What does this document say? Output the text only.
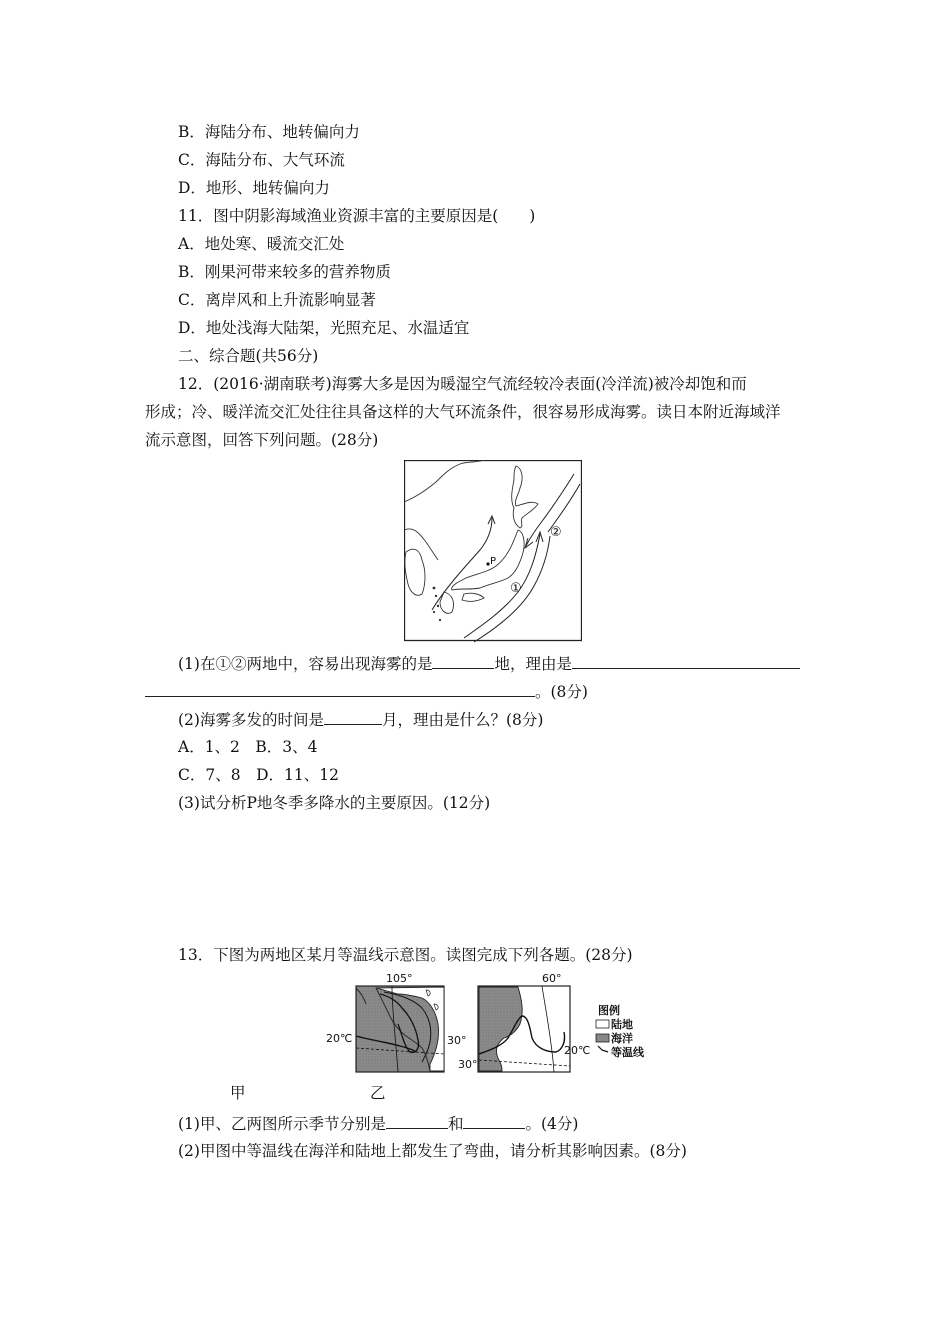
B．海陆分布、地转偏向力
C．海陆分布、大气环流
D．地形、地转偏向力
11．图中阴影海域渔业资源丰富的主要原因是(　　)
A．地处寒、暖流交汇处
B．刚果河带来较多的营养物质
C．离岸风和上升流影响显著
D．地处浅海大陆架，光照充足、水温适宜
二、综合题(共56分)
12．(2016·湖南联考)海雾大多是因为暖湿空气流经较冷表面(冷洋流)被冷却饱和而
形成；冷、暖洋流交汇处往往具备这样的大气环流条件，很容易形成海雾。读日本附近海域洋
流示意图，回答下列问题。(28分)
P
①
②
(1)在①②两地中，容易出现海雾的是	地，理由是
。(8分)
(2)海雾多发的时间是	月，理由是什么？(8分)
A．1、2　B．3、4
C．7、8　D．11、12
(3)试分析P地冬季多降水的主要原因。(12分)
13．下图为两地区某月等温线示意图。读图完成下列各题。(28分)
105°
20℃	30°
60°
30°
20℃
图例
陆地
海洋
等温线
甲	乙
(1)甲、乙两图所示季节分别是	和	。(4分)
(2)甲图中等温线在海洋和陆地上都发生了弯曲，请分析其影响因素。(8分)
